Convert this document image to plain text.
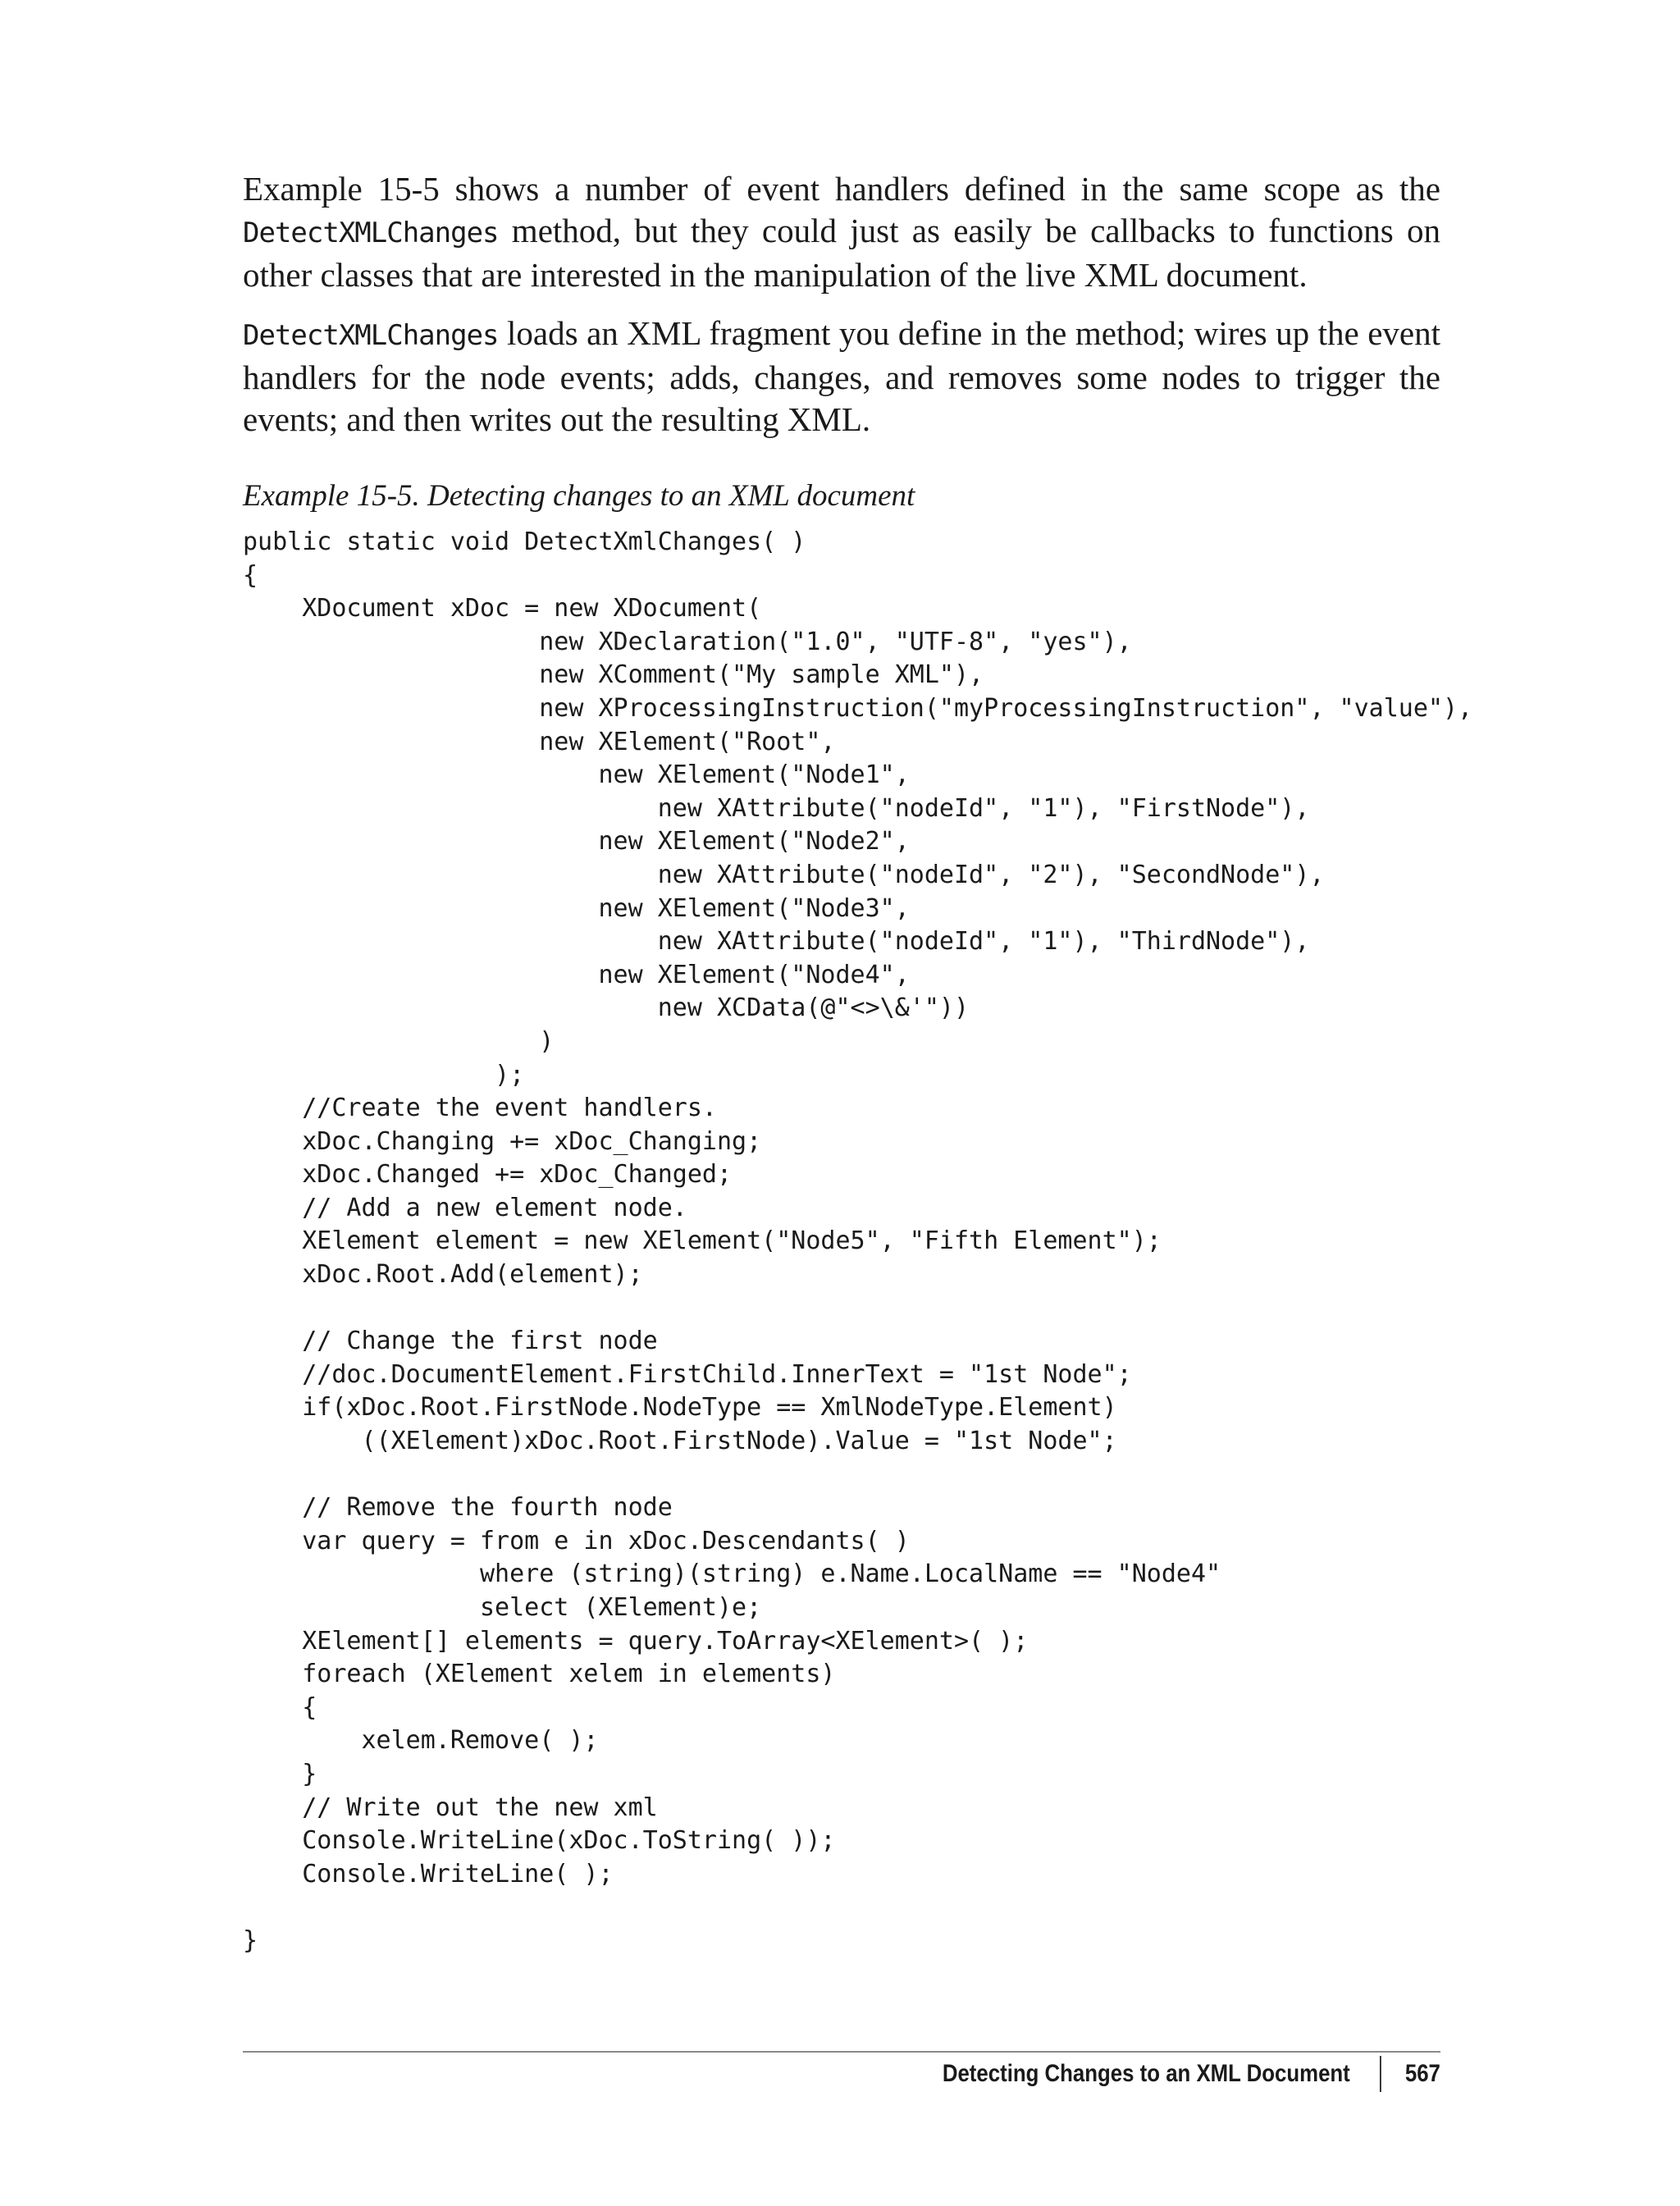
Example 15-5 shows a number of event handlers defined in the same scope as the DetectXMLChanges method, but they could just as easily be callbacks to functions on other classes that are interested in the manipulation of the live XML document.

DetectXMLChanges loads an XML fragment you define in the method; wires up the event handlers for the node events; adds, changes, and removes some nodes to trigger the events; and then writes out the resulting XML.

Example 15-5. Detecting changes to an XML document
public static void DetectXmlChanges( )
{
XDocument xDoc = new XDocument(
new XDeclaration("1.0", "UTF-8", "yes"),
new XComment("My sample XML"),
new XProcessingInstruction("myProcessingInstruction", "value"),
new XElement("Root",
new XElement("Node1",
new XAttribute("nodeId", "1"), "FirstNode"),
new XElement("Node2",
new XAttribute("nodeId", "2"), "SecondNode"),
new XElement("Node3",
new XAttribute("nodeId", "1"), "ThirdNode"),
new XElement("Node4",
new XCData(@"<>\&'"))
)
);
//Create the event handlers.
xDoc.Changing += xDoc_Changing;
xDoc.Changed += xDoc_Changed;
// Add a new element node.
XElement element = new XElement("Node5", "Fifth Element");
xDoc.Root.Add(element);
// Change the first node
//doc.DocumentElement.FirstChild.InnerText = "1st Node";
if(xDoc.Root.FirstNode.NodeType == XmlNodeType.Element)
((XElement)xDoc.Root.FirstNode).Value = "1st Node";
// Remove the fourth node
var query = from e in xDoc.Descendants( )
where (string)(string) e.Name.LocalName == "Node4"
select (XElement)e;
XElement[] elements = query.ToArray<XElement>( );
foreach (XElement xelem in elements)
{
xelem.Remove( );
}
// Write out the new xml
Console.WriteLine(xDoc.ToString( ));
Console.WriteLine( );
}
Detecting Changes to an XML Document 567
